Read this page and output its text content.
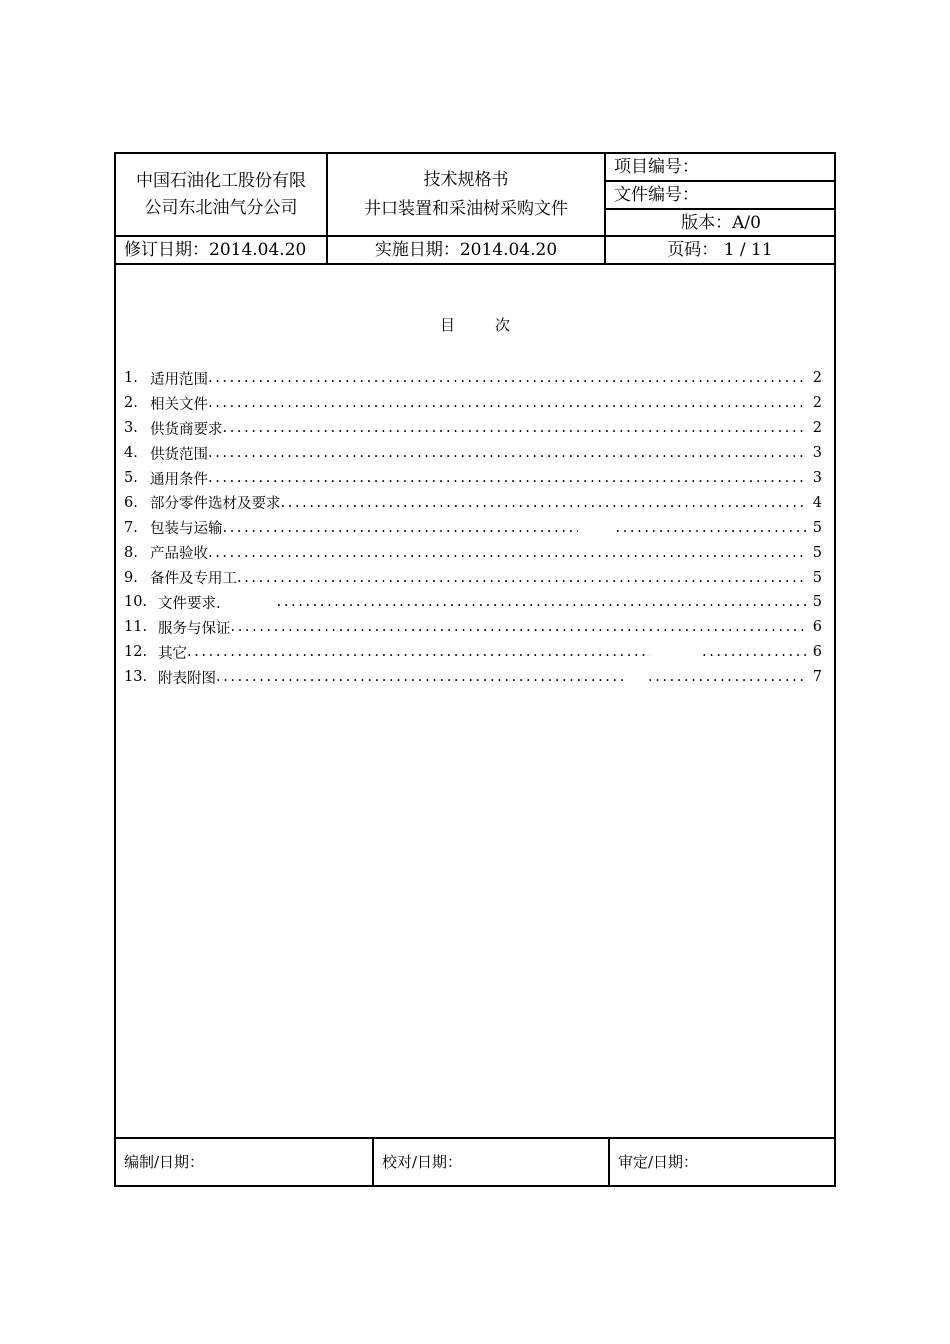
中国石油化工股份有限
公司东北油气分公司
技术规格书
井口装置和采油树采购文件
项目编号：
文件编号：
版本：A/0
修订日期：2014.04.20	实施日期：2014.04.20	页码： 1 / 11
目	次
1. 适用范围 .....	2
2. 相关文件 .....	2
3. 供货商要求 .....	2
4. 供货范围 .....	3
5. 通用条件 .....	3
6. 部分零件选材及要求 .....	4
7. 包装与运输 ..... .....	5
8. 产品验收 .....	5
9. 备件及专用工 .....	5
10. 文件要求. .....	5
11. 服务与保证 .....	6
12. 其它 ..... .....	6
13. 附表附图 ..... .....	7
编制/日期：	校对/日期：	审定/日期：
